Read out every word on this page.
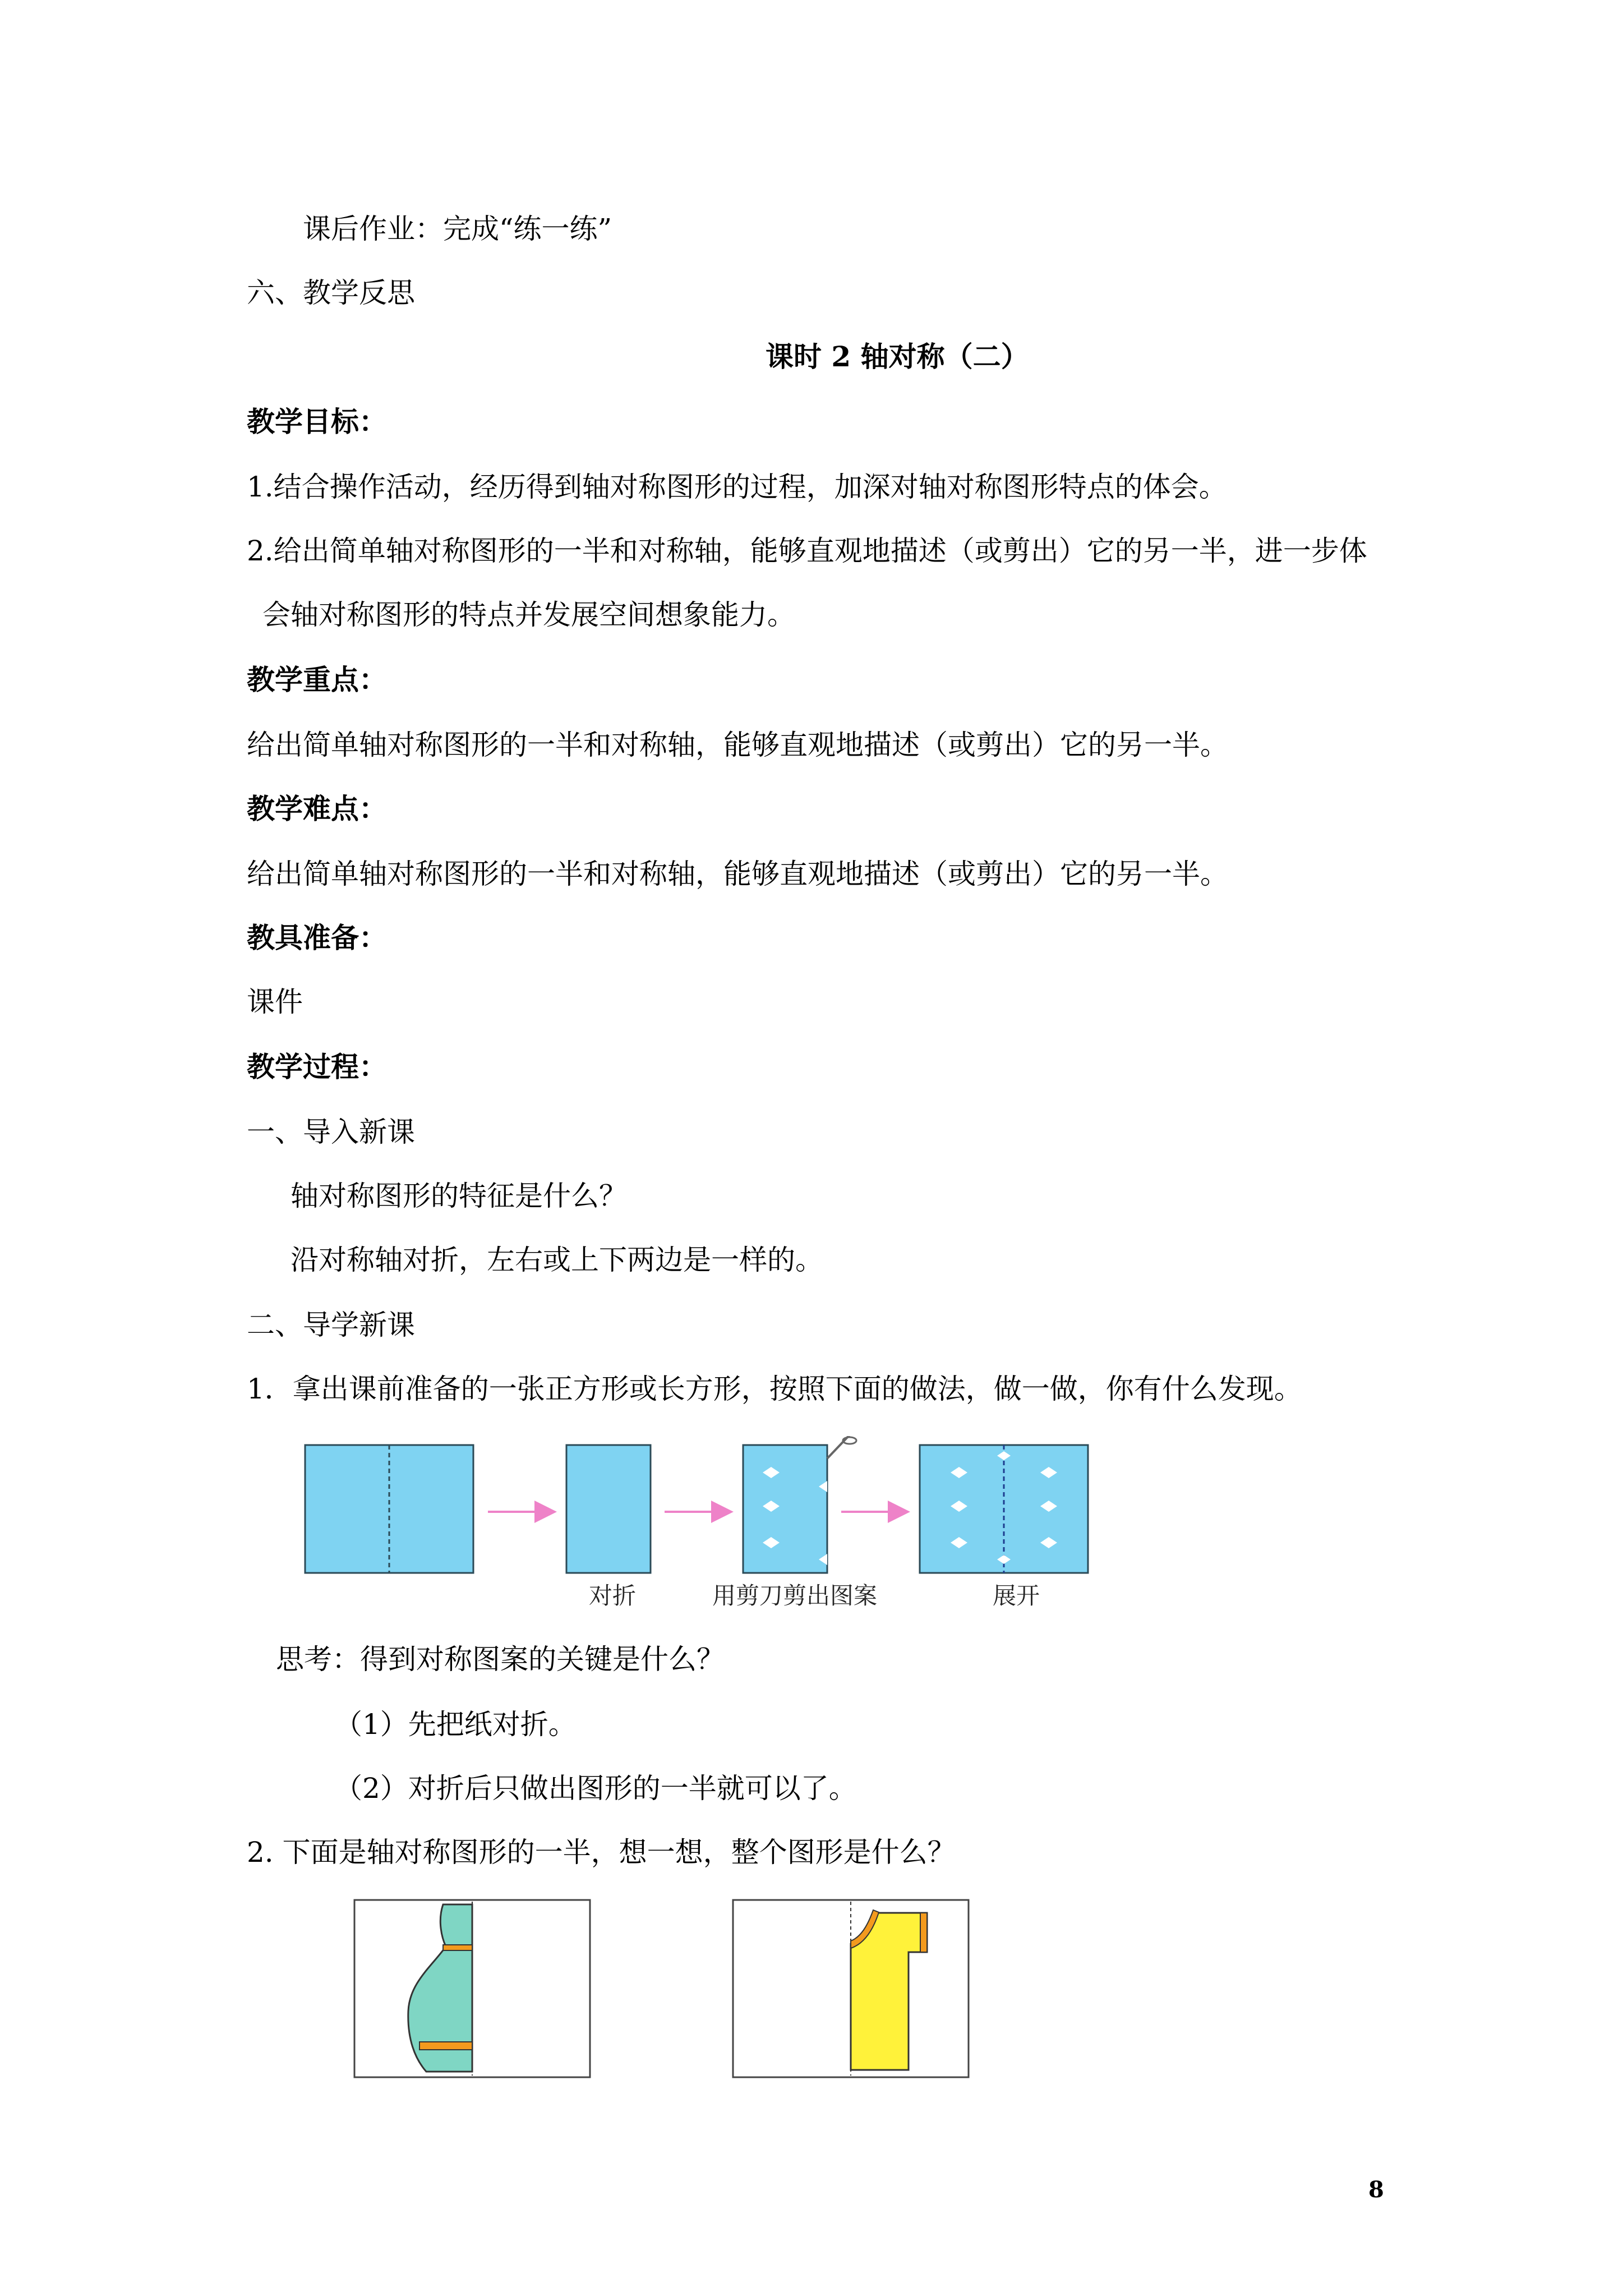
课后作业：完成“练一练”
六、教学反思
课时 2 轴对称（二）
教学目标：
1.结合操作活动，经历得到轴对称图形的过程，加深对轴对称图形特点的体会。
2.给出简单轴对称图形的一半和对称轴，能够直观地描述（或剪出）它的另一半，进一步体
会轴对称图形的特点并发展空间想象能力。
教学重点：
给出简单轴对称图形的一半和对称轴，能够直观地描述（或剪出）它的另一半。
教学难点：
给出简单轴对称图形的一半和对称轴，能够直观地描述（或剪出）它的另一半。
教具准备：
课件
教学过程：
一、导入新课
轴对称图形的特征是什么？
沿对称轴对折，左右或上下两边是一样的。
二、导学新课
1．拿出课前准备的一张正方形或长方形，按照下面的做法，做一做，你有什么发现。
对折	用剪刀剪出图案	展开
思考：得到对称图案的关键是什么？
（1）先把纸对折。
（2）对折后只做出图形的一半就可以了。
2. 下面是轴对称图形的一半，想一想，整个图形是什么？
8
